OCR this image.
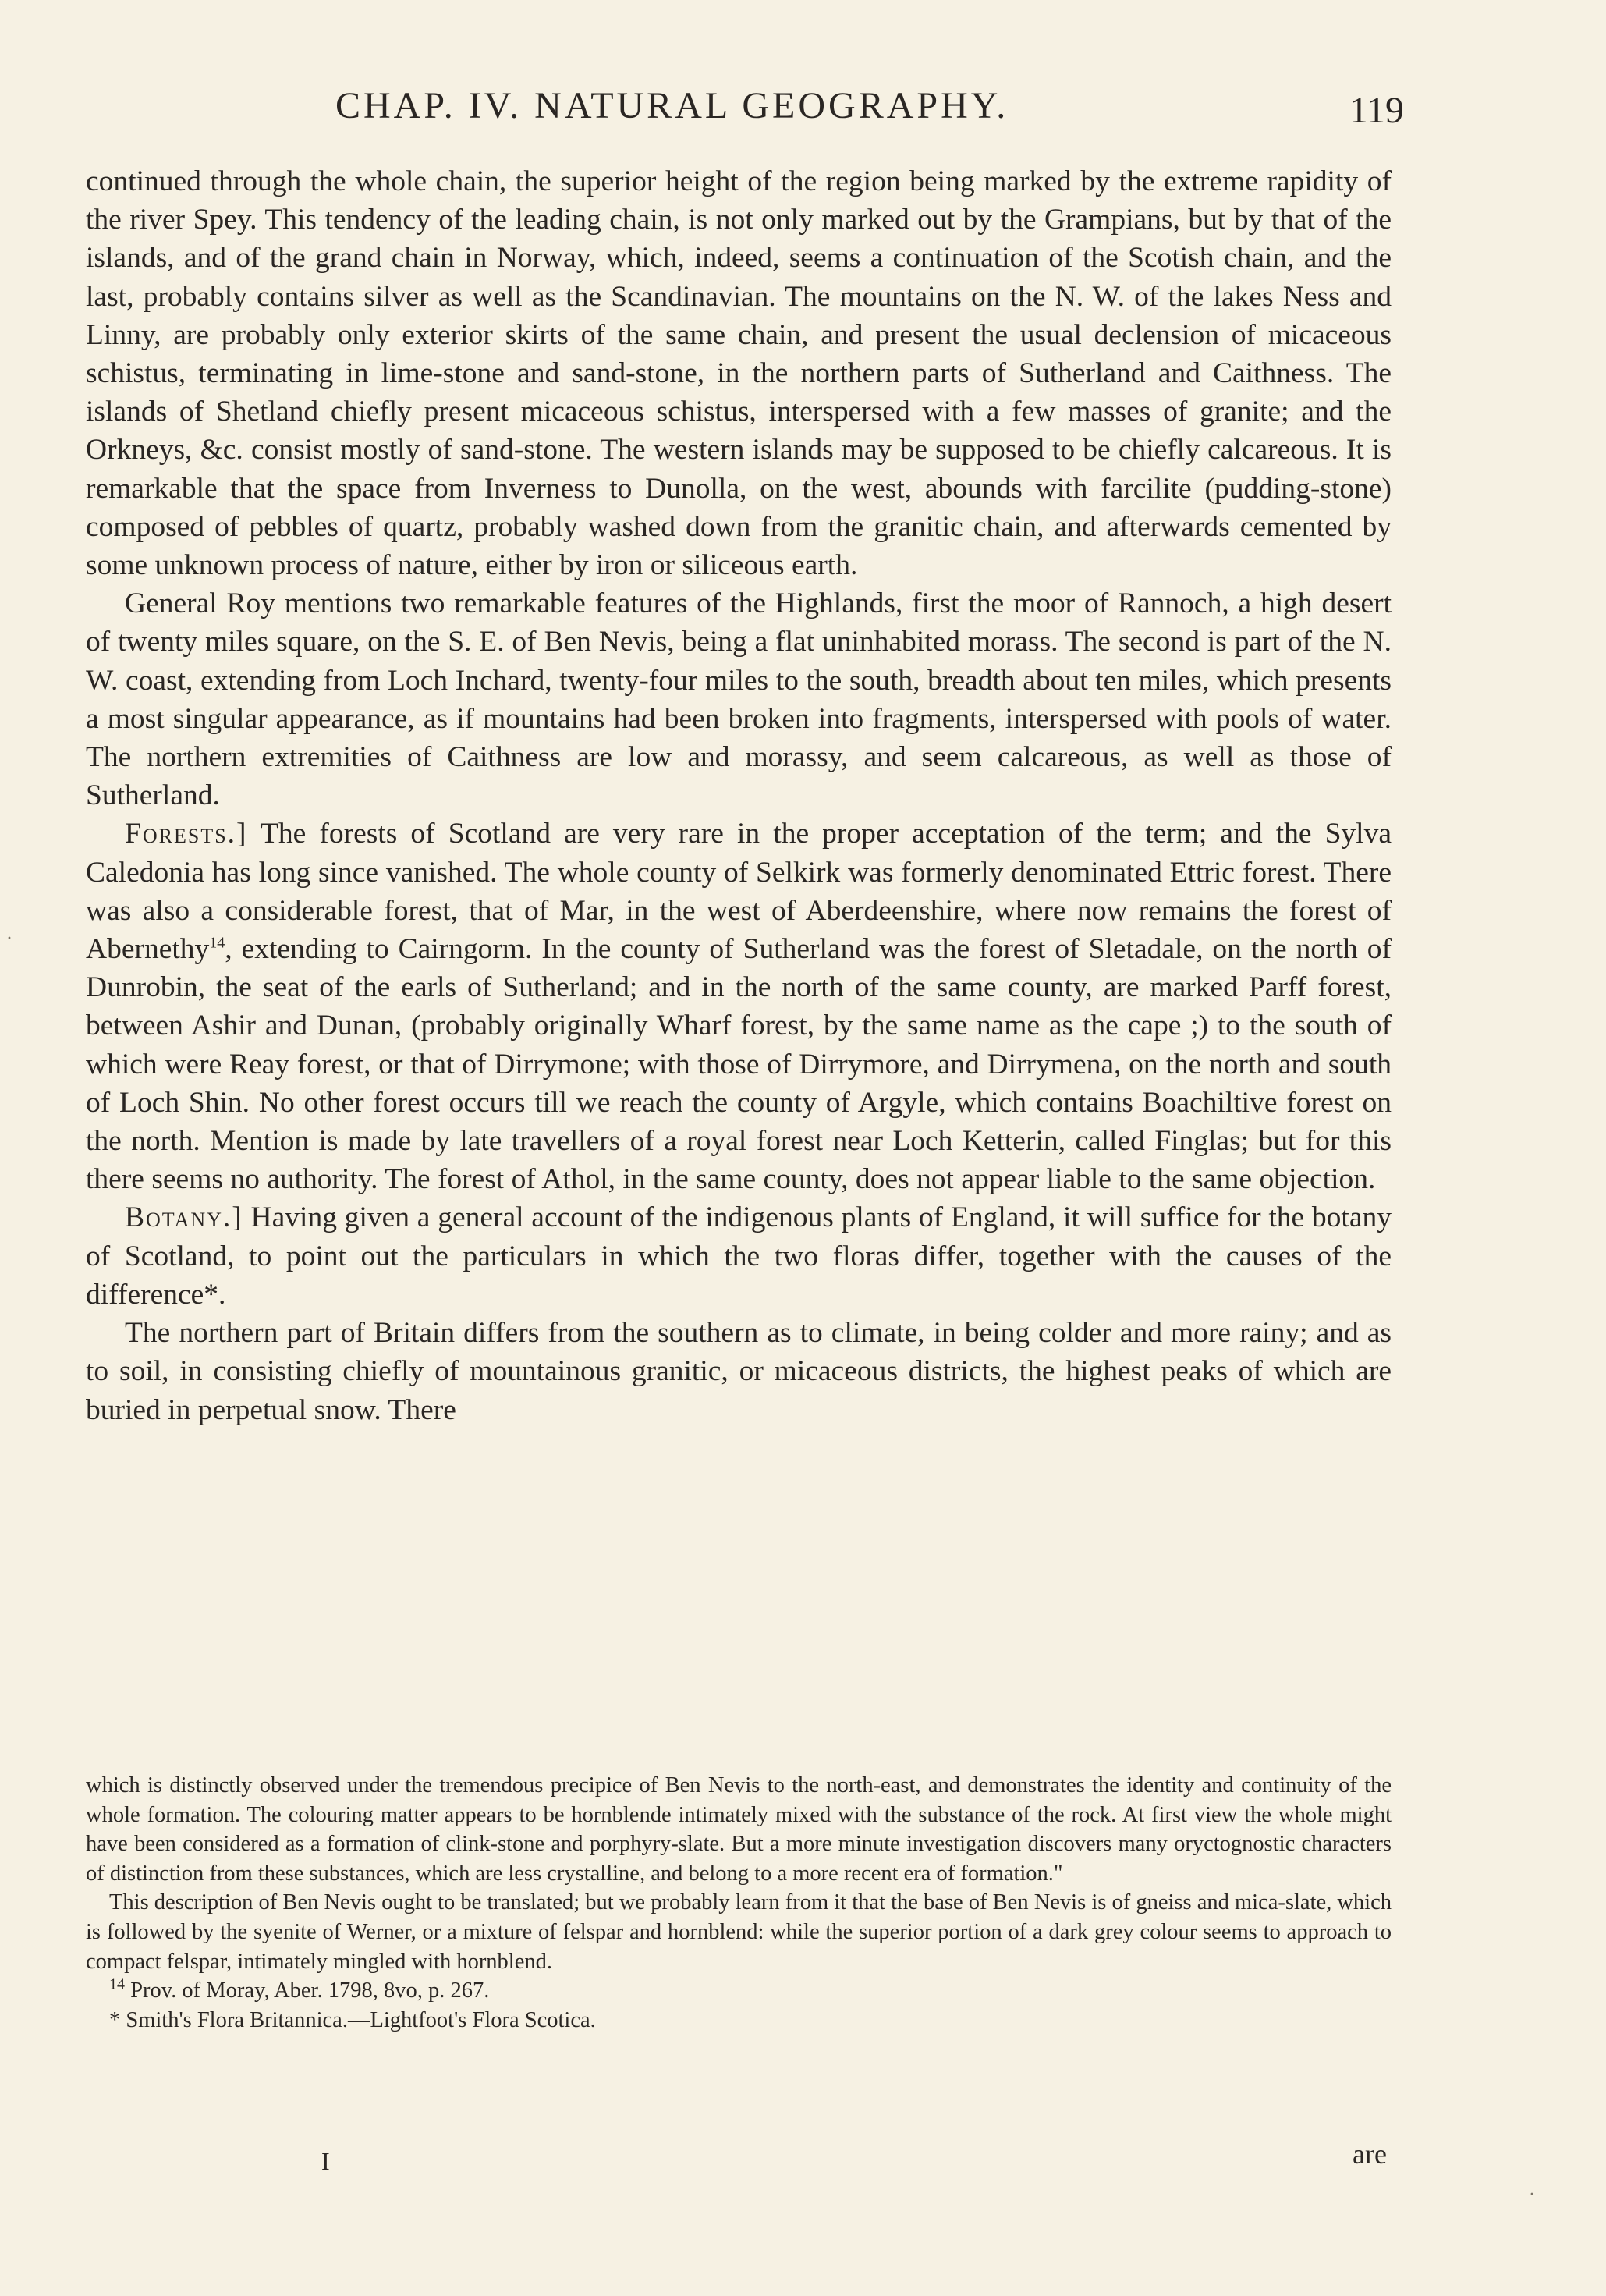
CHAP. IV. NATURAL GEOGRAPHY.	119

continued through the whole chain, the superior height of the region being marked by the extreme rapidity of the river Spey. This tendency of the leading chain, is not only marked out by the Grampians, but by that of the islands, and of the grand chain in Norway, which, indeed, seems a continuation of the Scotish chain, and the last, probably contains silver as well as the Scandinavian. The mountains on the N. W. of the lakes Ness and Linny, are probably only exterior skirts of the same chain, and present the usual declension of micaceous schistus, terminating in lime-stone and sand-stone, in the northern parts of Sutherland and Caithness. The islands of Shetland chiefly present micaceous schistus, interspersed with a few masses of granite; and the Orkneys, &c. consist mostly of sand-stone. The western islands may be supposed to be chiefly calcareous. It is remarkable that the space from Inverness to Dunolla, on the west, abounds with farcilite (pudding-stone) composed of pebbles of quartz, probably washed down from the granitic chain, and afterwards cemented by some unknown process of nature, either by iron or siliceous earth.

General Roy mentions two remarkable features of the Highlands, first the moor of Rannoch, a high desert of twenty miles square, on the S. E. of Ben Nevis, being a flat uninhabited morass. The second is part of the N. W. coast, extending from Loch Inchard, twenty-four miles to the south, breadth about ten miles, which presents a most singular appearance, as if mountains had been broken into fragments, interspersed with pools of water. The northern extremities of Caithness are low and morassy, and seem calcareous, as well as those of Sutherland.

Forests.] The forests of Scotland are very rare in the proper acceptation of the term; and the Sylva Caledonia has long since vanished. The whole county of Selkirk was formerly denominated Ettric forest. There was also a considerable forest, that of Mar, in the west of Aberdeenshire, where now remains the forest of Abernethy$^{14}$, extending to Cairngorm. In the county of Sutherland was the forest of Sletadale, on the north of Dunrobin, the seat of the earls of Sutherland; and in the north of the same county, are marked Parff forest, between Ashir and Dunan, (probably originally Wharf forest, by the same name as the cape ;) to the south of which were Reay forest, or that of Dirrymone; with those of Dirrymore, and Dirrymena, on the north and south of Loch Shin. No other forest occurs till we reach the county of Argyle, which contains Boachiltive forest on the north. Mention is made by late travellers of a royal forest near Loch Ketterin, called Finglas; but for this there seems no authority. The forest of Athol, in the same county, does not appear liable to the same objection.

Botany.] Having given a general account of the indigenous plants of England, it will suffice for the botany of Scotland, to point out the particulars in which the two floras differ, together with the causes of the difference*.

The northern part of Britain differs from the southern as to climate, in being colder and more rainy; and as to soil, in consisting chiefly of mountainous granitic, or micaceous districts, the highest peaks of which are buried in perpetual snow. There

which is distinctly observed under the tremendous precipice of Ben Nevis to the north-east, and demonstrates the identity and continuity of the whole formation. The colouring matter appears to be hornblende intimately mixed with the substance of the rock. At first view the whole might have been considered as a formation of clink-stone and porphyry-slate. But a more minute investigation discovers many oryctognostic characters of distinction from these substances, which are less crystalline, and belong to a more recent era of formation."

This description of Ben Nevis ought to be translated; but we probably learn from it that the base of Ben Nevis is of gneiss and mica-slate, which is followed by the syenite of Werner, or a mixture of felspar and hornblend: while the superior portion of a dark grey colour seems to approach to compact felspar, intimately mingled with hornblend.

$^{14}$ Prov. of Moray, Aber. 1798, 8vo, p. 267.

* Smith's Flora Britannica.—Lightfoot's Flora Scotica.

I	are
·
·
